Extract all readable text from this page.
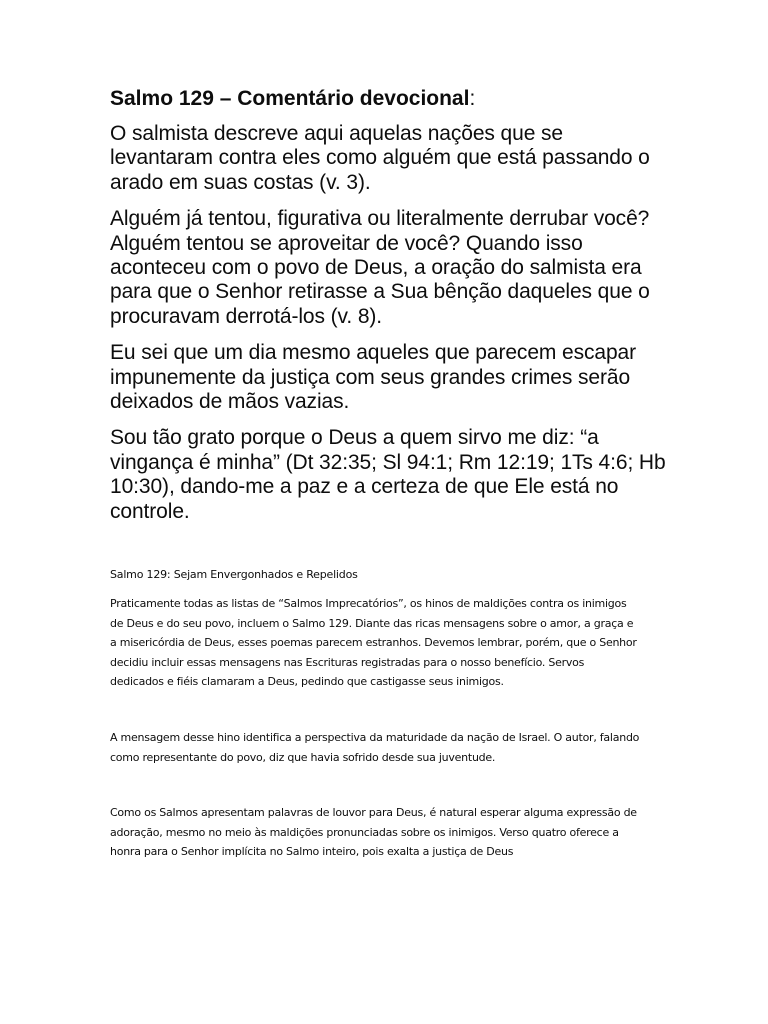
Salmo 129 – Comentário devocional:

O salmista descreve aqui aquelas nações que se levantaram contra eles como alguém que está passando o arado em suas costas (v. 3).

Alguém já tentou, figurativa ou literalmente derrubar você? Alguém tentou se aproveitar de você? Quando isso aconteceu com o povo de Deus, a oração do salmista era para que o Senhor retirasse a Sua bênção daqueles que o procuravam derrotá-los (v. 8).

Eu sei que um dia mesmo aqueles que parecem escapar impunemente da justiça com seus grandes crimes serão deixados de mãos vazias.

Sou tão grato porque o Deus a quem sirvo me diz: “a vingança é minha” (Dt 32:35; Sl 94:1; Rm 12:19; 1Ts 4:6; Hb 10:30), dando-me a paz e a certeza de que Ele está no controle.

Salmo 129: Sejam Envergonhados e Repelidos

Praticamente todas as listas de “Salmos Imprecatórios”, os hinos de maldições contra os inimigos de Deus e do seu povo, incluem o Salmo 129. Diante das ricas mensagens sobre o amor, a graça e a misericórdia de Deus, esses poemas parecem estranhos. Devemos lembrar, porém, que o Senhor decidiu incluir essas mensagens nas Escrituras registradas para o nosso benefício. Servos dedicados e fiéis clamaram a Deus, pedindo que castigasse seus inimigos.

A mensagem desse hino identifica a perspectiva da maturidade da nação de Israel. O autor, falando como representante do povo, diz que havia sofrido desde sua juventude.

Como os Salmos apresentam palavras de louvor para Deus, é natural esperar alguma expressão de adoração, mesmo no meio às maldições pronunciadas sobre os inimigos. Verso quatro oferece a honra para o Senhor implícita no Salmo inteiro, pois exalta a justiça de Deus
